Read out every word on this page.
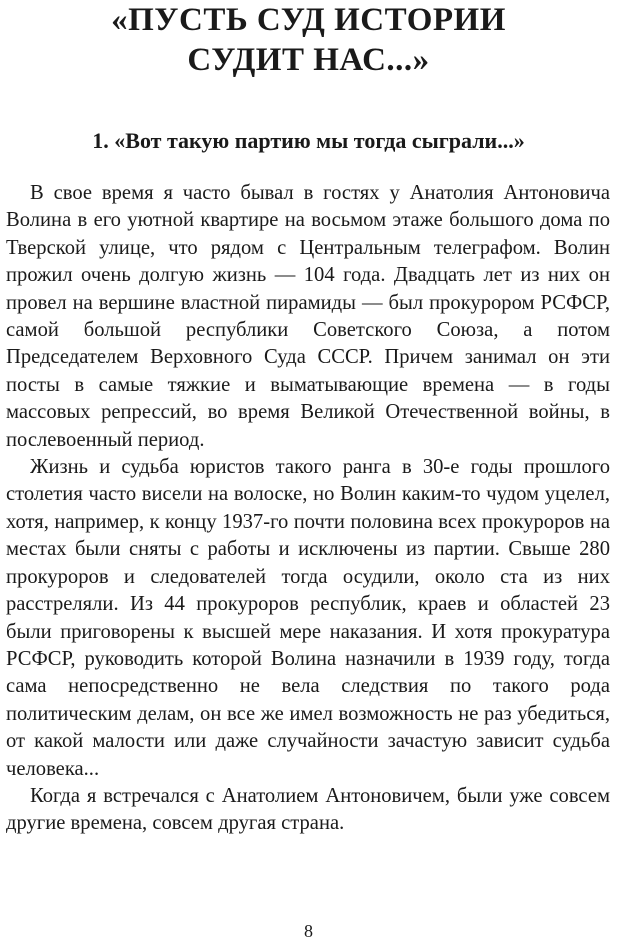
«ПУСТЬ СУД ИСТОРИИ
СУДИТ НАС...»
1. «Вот такую партию мы тогда сыграли...»

В свое время я часто бывал в гостях у Анатолия Антоновича Волина в его уютной квартире на восьмом этаже большого дома по Тверской улице, что рядом с Центральным телеграфом. Волин прожил очень долгую жизнь — 104 года. Двадцать лет из них он провел на вершине властной пирамиды — был прокурором РСФСР, самой большой республики Советского Союза, а потом Председателем Верховного Суда СССР. Причем занимал он эти посты в самые тяжкие и выматывающие времена — в годы массовых репрессий, во время Великой Отечественной войны, в послевоенный период.

Жизнь и судьба юристов такого ранга в 30-е годы прошлого столетия часто висели на волоске, но Волин каким-то чудом уцелел, хотя, например, к концу 1937-го почти половина всех прокуроров на местах были сняты с работы и исключены из партии. Свыше 280 прокуроров и следователей тогда осудили, около ста из них расстреляли. Из 44 прокуроров республик, краев и областей 23 были приговорены к высшей мере наказания. И хотя прокуратура РСФСР, руководить которой Волина назначили в 1939 году, тогда сама непосредственно не вела следствия по такого рода политическим делам, он все же имел возможность не раз убедиться, от какой малости или даже случайности зачастую зависит судьба человека...

Когда я встречался с Анатолием Антоновичем, были уже совсем другие времена, совсем другая страна.

8
